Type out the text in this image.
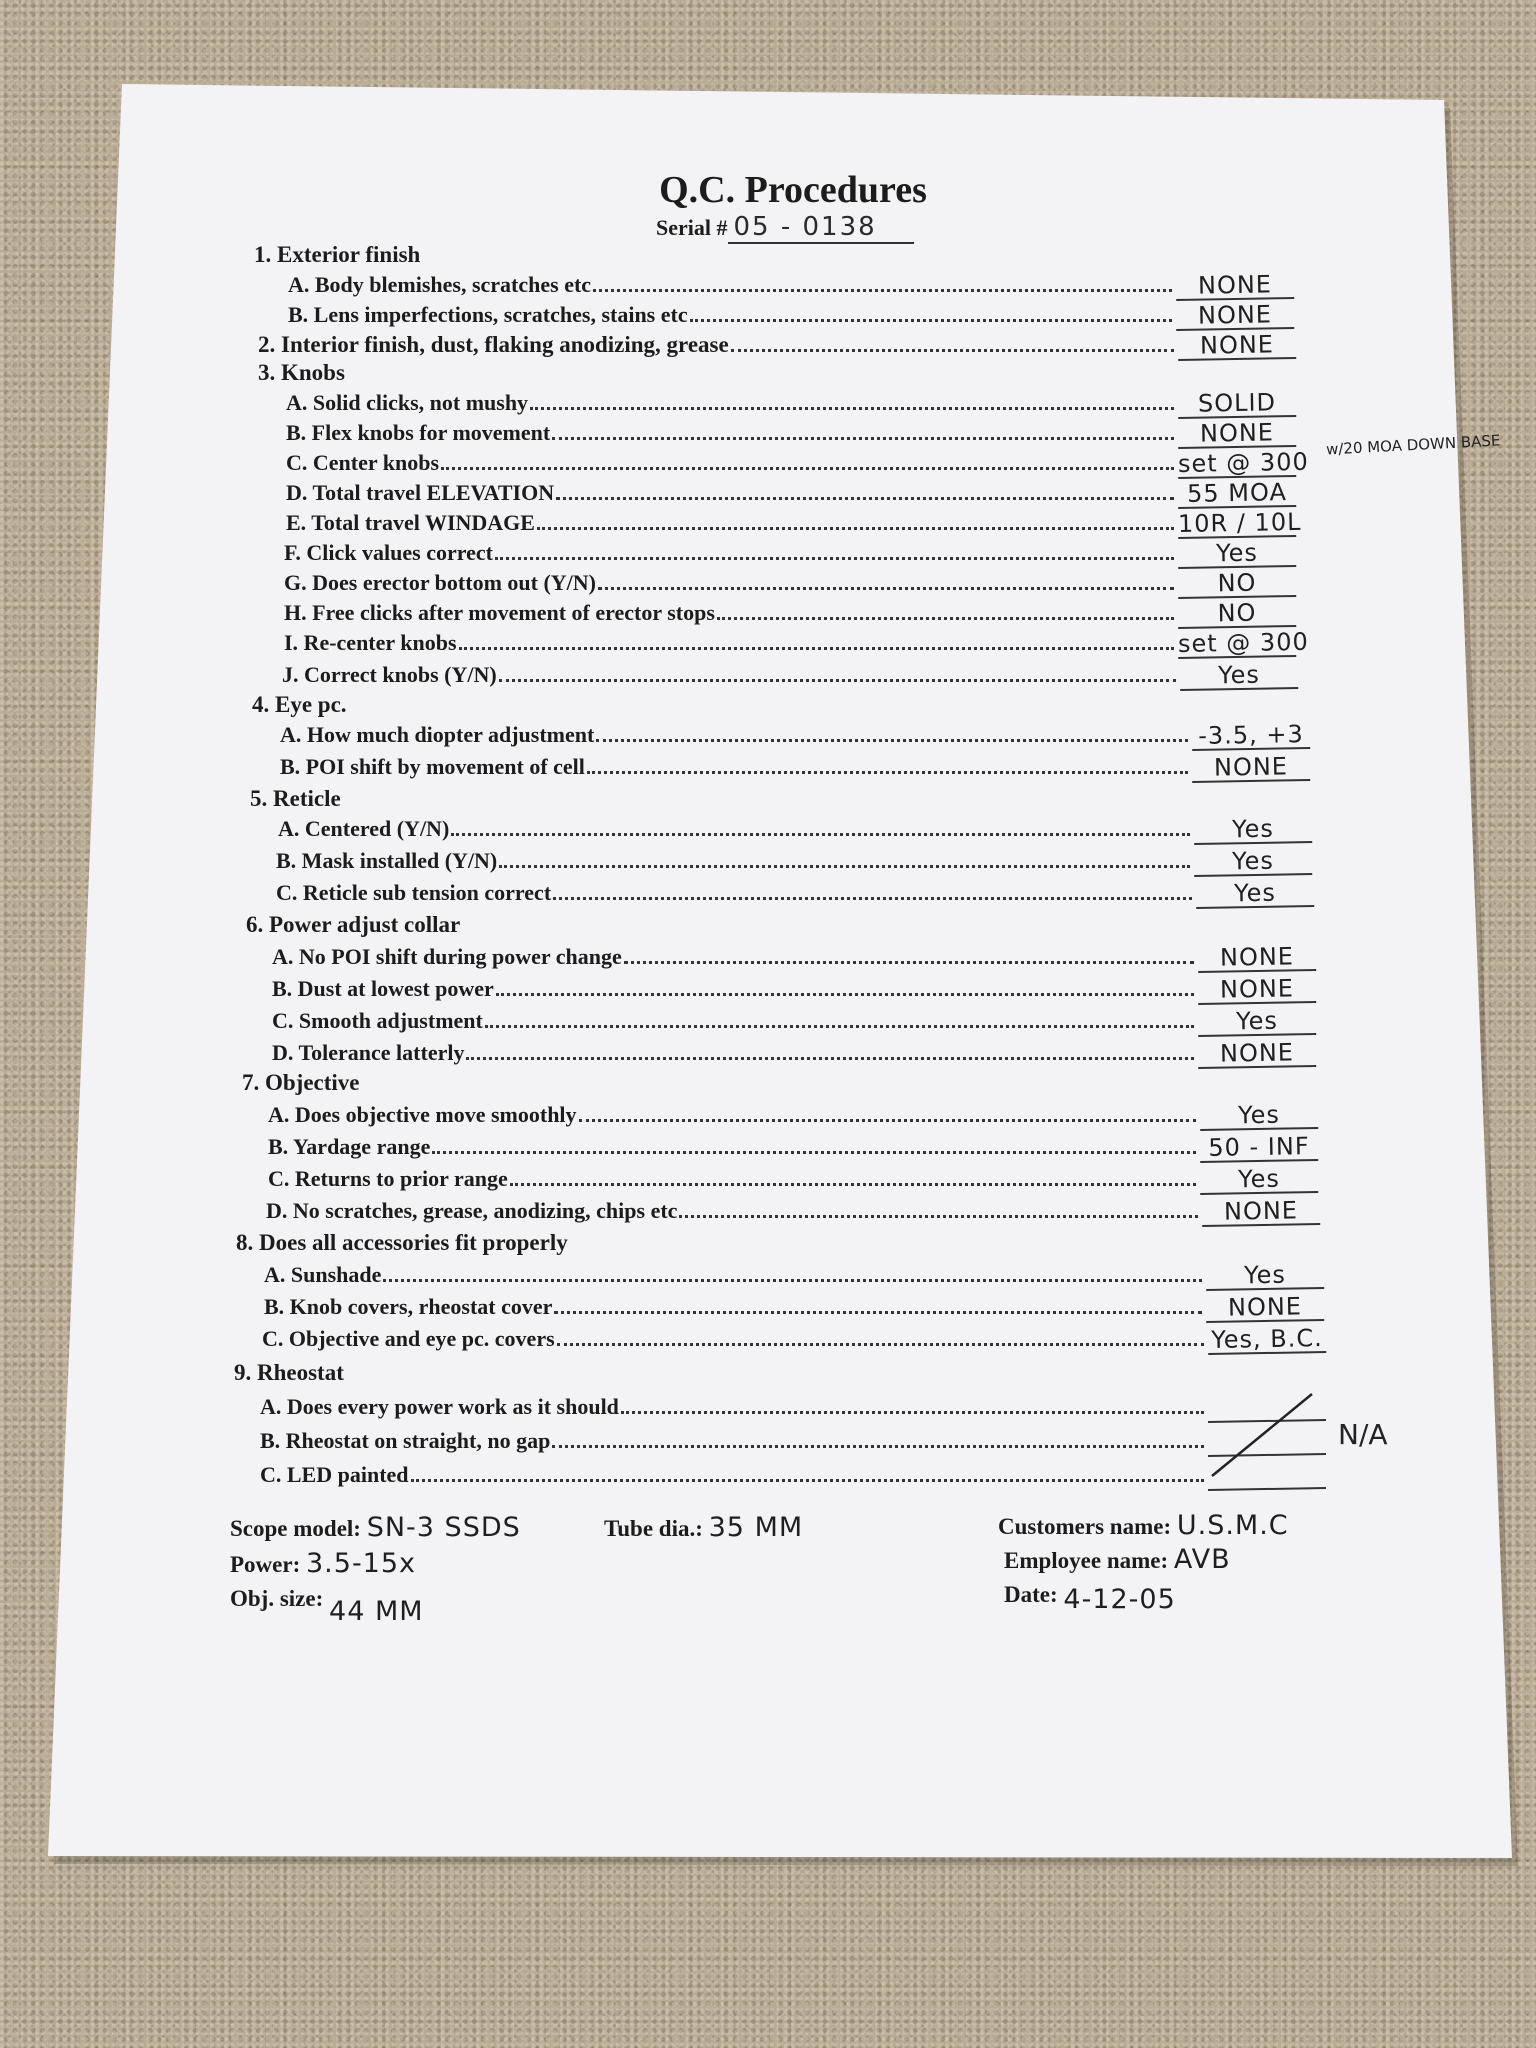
Q.C. Procedures
Serial # 05 - 0138
1. Exterior finish
A. Body blemishes, scratches etc	NONE
B. Lens imperfections, scratches, stains etc	NONE
2. Interior finish, dust, flaking anodizing, grease	NONE
3. Knobs
A. Solid clicks, not mushy	SOLID
B. Flex knobs for movement	NONE
C. Center knobs	set @ 300
D. Total travel ELEVATION	55 MOA
E. Total travel WINDAGE	10R / 10L
F. Click values correct	Yes
G. Does erector bottom out (Y/N)	NO
H. Free clicks after movement of erector stops	NO
I. Re-center knobs	set @ 300
J. Correct knobs (Y/N)	Yes
w/20 MOA DOWN BASE
4. Eye pc.
A. How much diopter adjustment	-3.5, +3
B. POI shift by movement of cell	NONE
5. Reticle
A. Centered (Y/N)	Yes
B. Mask installed (Y/N)	Yes
C. Reticle sub tension correct	Yes
6. Power adjust collar
A. No POI shift during power change	NONE
B. Dust at lowest power	NONE
C. Smooth adjustment	Yes
D. Tolerance latterly	NONE
7. Objective
A. Does objective move smoothly	Yes
B. Yardage range	50 - INF
C. Returns to prior range	Yes
D. No scratches, grease, anodizing, chips etc	NONE
8. Does all accessories fit properly
A. Sunshade	Yes
B. Knob covers, rheostat cover	NONE
C. Objective and eye pc. covers	Yes, B.C.
9. Rheostat
A. Does every power work as it should
B. Rheostat on straight, no gap
C. LED painted
N/A
Scope model: SN-3 SSDS	Tube dia.: 35 MM
Power: 3.5-15x
Obj. size: 44 MM
Customers name: U.S.M.C
Employee name: AVB
Date: 4-12-05
